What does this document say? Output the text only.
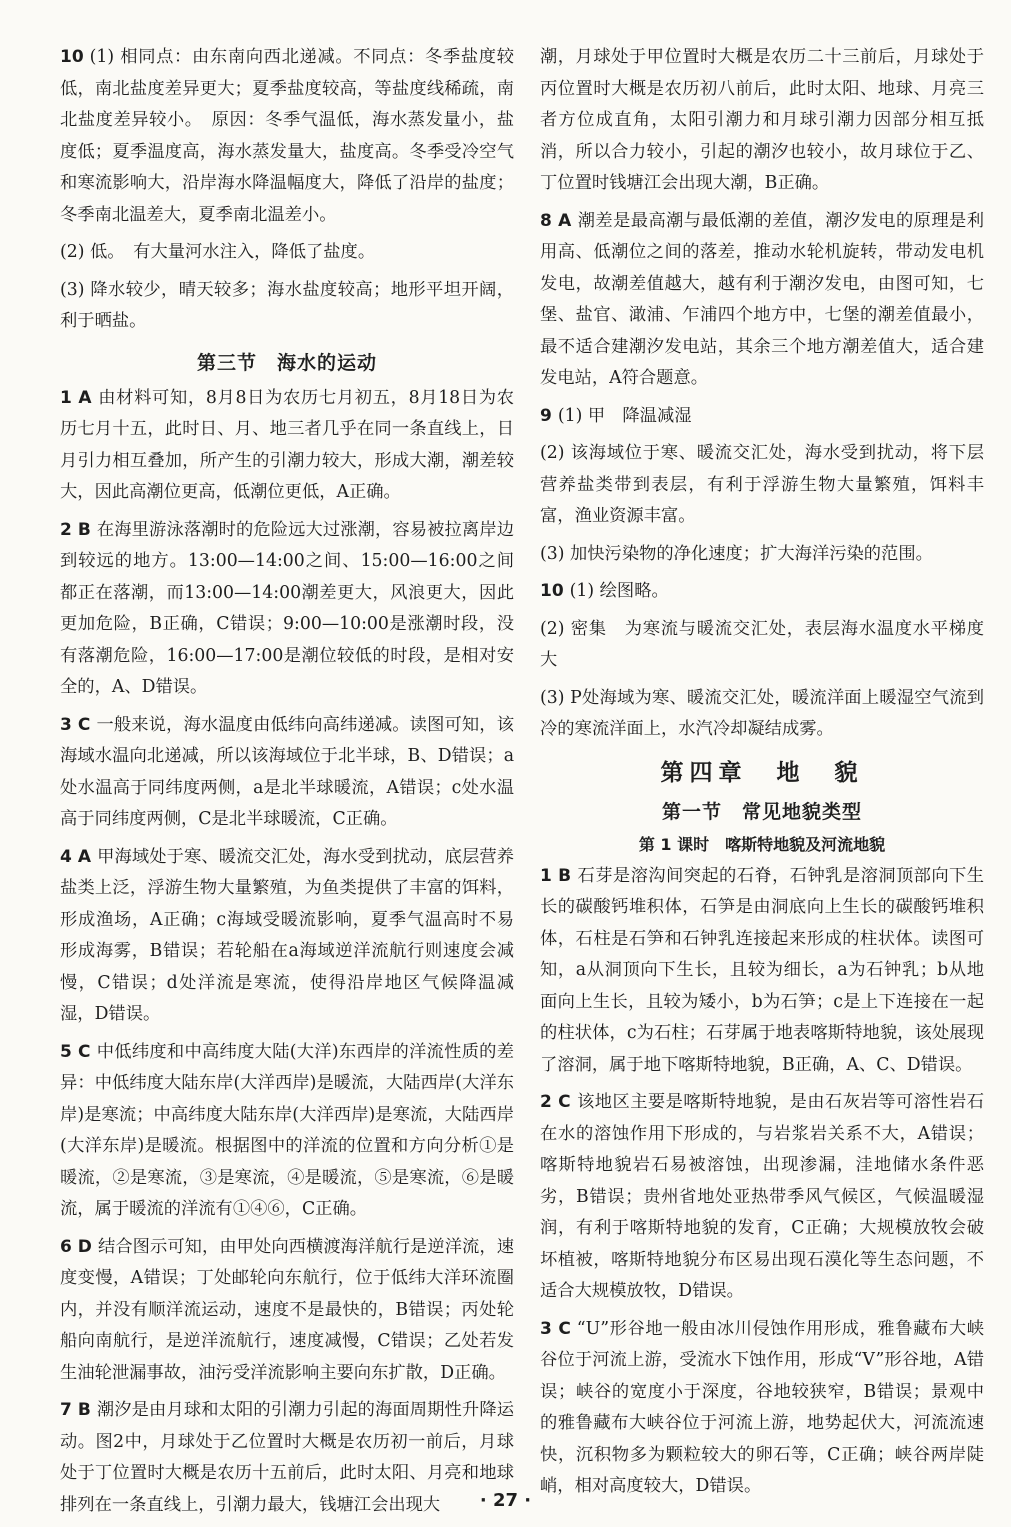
10 (1) 相同点：由东南向西北递减。不同点：冬季盐度较低，南北盐度差异更大；夏季盐度较高，等盐度线稀疏，南北盐度差异较小。　原因：冬季气温低，海水蒸发量小，盐度低；夏季温度高，海水蒸发量大，盐度高。冬季受冷空气和寒流影响大，沿岸海水降温幅度大，降低了沿岸的盐度；冬季南北温差大，夏季南北温差小。

(2) 低。　有大量河水注入，降低了盐度。

(3) 降水较少，晴天较多；海水盐度较高；地形平坦开阔，利于晒盐。

第三节　海水的运动

1 A 由材料可知，8月8日为农历七月初五，8月18日为农历七月十五，此时日、月、地三者几乎在同一条直线上，日月引力相互叠加，所产生的引潮力较大，形成大潮，潮差较大，因此高潮位更高，低潮位更低，A正确。

2 B 在海里游泳落潮时的危险远大过涨潮，容易被拉离岸边到较远的地方。13:00—14:00之间、15:00—16:00之间都正在落潮，而13:00—14:00潮差更大，风浪更大，因此更加危险，B正确，C错误；9:00—10:00是涨潮时段，没有落潮危险，16:00—17:00是潮位较低的时段，是相对安全的，A、D错误。

3 C 一般来说，海水温度由低纬向高纬递减。读图可知，该海域水温向北递减，所以该海域位于北半球，B、D错误；a处水温高于同纬度两侧，a是北半球暖流，A错误；c处水温高于同纬度两侧，C是北半球暖流，C正确。

4 A 甲海域处于寒、暖流交汇处，海水受到扰动，底层营养盐类上泛，浮游生物大量繁殖，为鱼类提供了丰富的饵料，形成渔场，A正确；c海域受暖流影响，夏季气温高时不易形成海雾，B错误；若轮船在a海域逆洋流航行则速度会减慢，C错误；d处洋流是寒流，使得沿岸地区气候降温减湿，D错误。

5 C 中低纬度和中高纬度大陆(大洋)东西岸的洋流性质的差异：中低纬度大陆东岸(大洋西岸)是暖流，大陆西岸(大洋东岸)是寒流；中高纬度大陆东岸(大洋西岸)是寒流，大陆西岸(大洋东岸)是暖流。根据图中的洋流的位置和方向分析①是暖流，②是寒流，③是寒流，④是暖流，⑤是寒流，⑥是暖流，属于暖流的洋流有①④⑥，C正确。

6 D 结合图示可知，由甲处向西横渡海洋航行是逆洋流，速度变慢，A错误；丁处邮轮向东航行，位于低纬大洋环流圈内，并没有顺洋流运动，速度不是最快的，B错误；丙处轮船向南航行，是逆洋流航行，速度减慢，C错误；乙处若发生油轮泄漏事故，油污受洋流影响主要向东扩散，D正确。

7 B 潮汐是由月球和太阳的引潮力引起的海面周期性升降运动。图2中，月球处于乙位置时大概是农历初一前后，月球处于丁位置时大概是农历十五前后，此时太阳、月亮和地球排列在一条直线上，引潮力最大，钱塘江会出现大

潮，月球处于甲位置时大概是农历二十三前后，月球处于丙位置时大概是农历初八前后，此时太阳、地球、月亮三者方位成直角，太阳引潮力和月球引潮力因部分相互抵消，所以合力较小，引起的潮汐也较小，故月球位于乙、丁位置时钱塘江会出现大潮，B正确。

8 A 潮差是最高潮与最低潮的差值，潮汐发电的原理是利用高、低潮位之间的落差，推动水轮机旋转，带动发电机发电，故潮差值越大，越有利于潮汐发电，由图可知，七堡、盐官、澉浦、乍浦四个地方中，七堡的潮差值最小，最不适合建潮汐发电站，其余三个地方潮差值大，适合建发电站，A符合题意。

9 (1) 甲　降温减湿

(2) 该海域位于寒、暖流交汇处，海水受到扰动，将下层营养盐类带到表层，有利于浮游生物大量繁殖，饵料丰富，渔业资源丰富。

(3) 加快污染物的净化速度；扩大海洋污染的范围。

10 (1) 绘图略。

(2) 密集　为寒流与暖流交汇处，表层海水温度水平梯度大

(3) P处海域为寒、暖流交汇处，暖流洋面上暖湿空气流到冷的寒流洋面上，水汽冷却凝结成雾。

第四章　地　貌
第一节　常见地貌类型
第 1 课时　喀斯特地貌及河流地貌

1 B 石芽是溶沟间突起的石脊，石钟乳是溶洞顶部向下生长的碳酸钙堆积体，石笋是由洞底向上生长的碳酸钙堆积体，石柱是石笋和石钟乳连接起来形成的柱状体。读图可知，a从洞顶向下生长，且较为细长，a为石钟乳；b从地面向上生长，且较为矮小，b为石笋；c是上下连接在一起的柱状体，c为石柱；石芽属于地表喀斯特地貌，该处展现了溶洞，属于地下喀斯特地貌，B正确，A、C、D错误。

2 C 该地区主要是喀斯特地貌，是由石灰岩等可溶性岩石在水的溶蚀作用下形成的，与岩浆岩关系不大，A错误；喀斯特地貌岩石易被溶蚀，出现渗漏，洼地储水条件恶劣，B错误；贵州省地处亚热带季风气候区，气候温暖湿润，有利于喀斯特地貌的发育，C正确；大规模放牧会破坏植被，喀斯特地貌分布区易出现石漠化等生态问题，不适合大规模放牧，D错误。

3 C “U”形谷地一般由冰川侵蚀作用形成，雅鲁藏布大峡谷位于河流上游，受流水下蚀作用，形成“V”形谷地，A错误；峡谷的宽度小于深度，谷地较狭窄，B错误；景观中的雅鲁藏布大峡谷位于河流上游，地势起伏大，河流流速快，沉积物多为颗粒较大的卵石等，C正确；峡谷两岸陡峭，相对高度较大，D错误。

· 27 ·
